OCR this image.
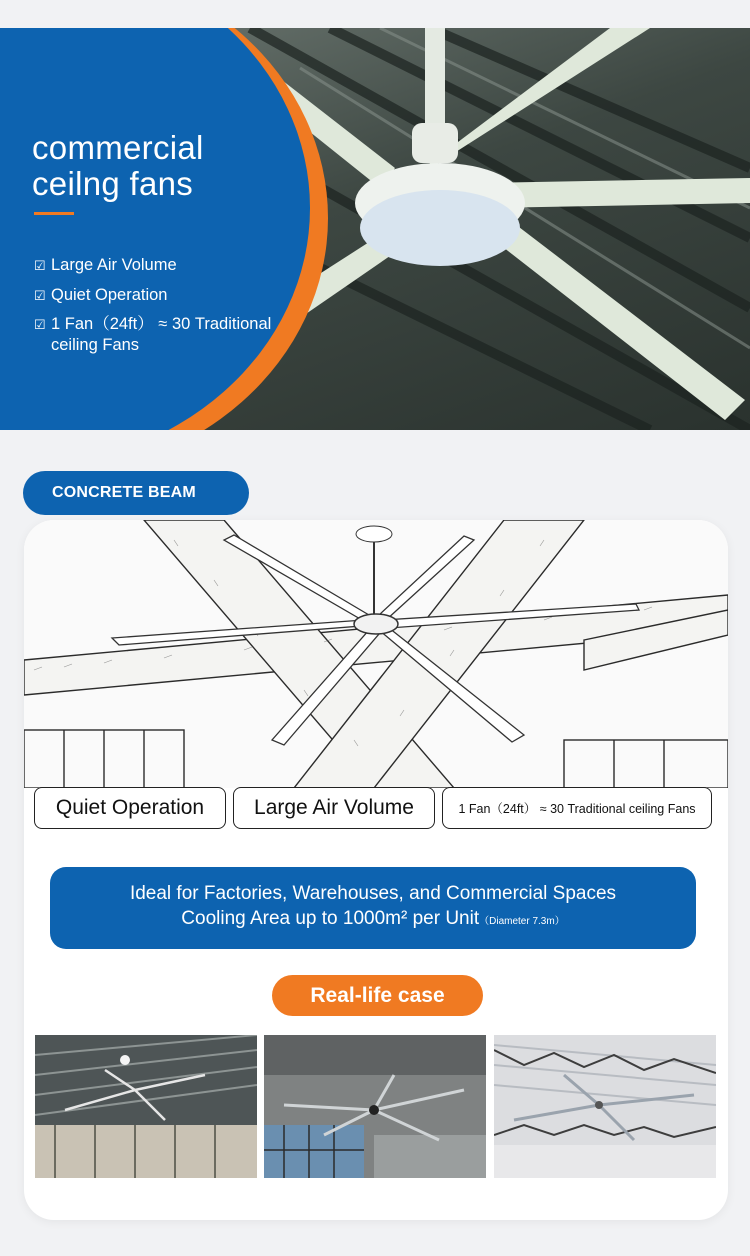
commercial
ceilng fans
☑ Large Air Volume
☑ Quiet Operation
☑ 1 Fan（24ft） ≈ 30 Traditional ceiling Fans
CONCRETE BEAM
Quiet Operation	Large Air Volume	1 Fan（24ft） ≈ 30 Traditional ceiling Fans
Ideal for Factories, Warehouses, and Commercial Spaces
Cooling Area up to 1000m² per Unit（Diameter 7.3m）
Real-life case
